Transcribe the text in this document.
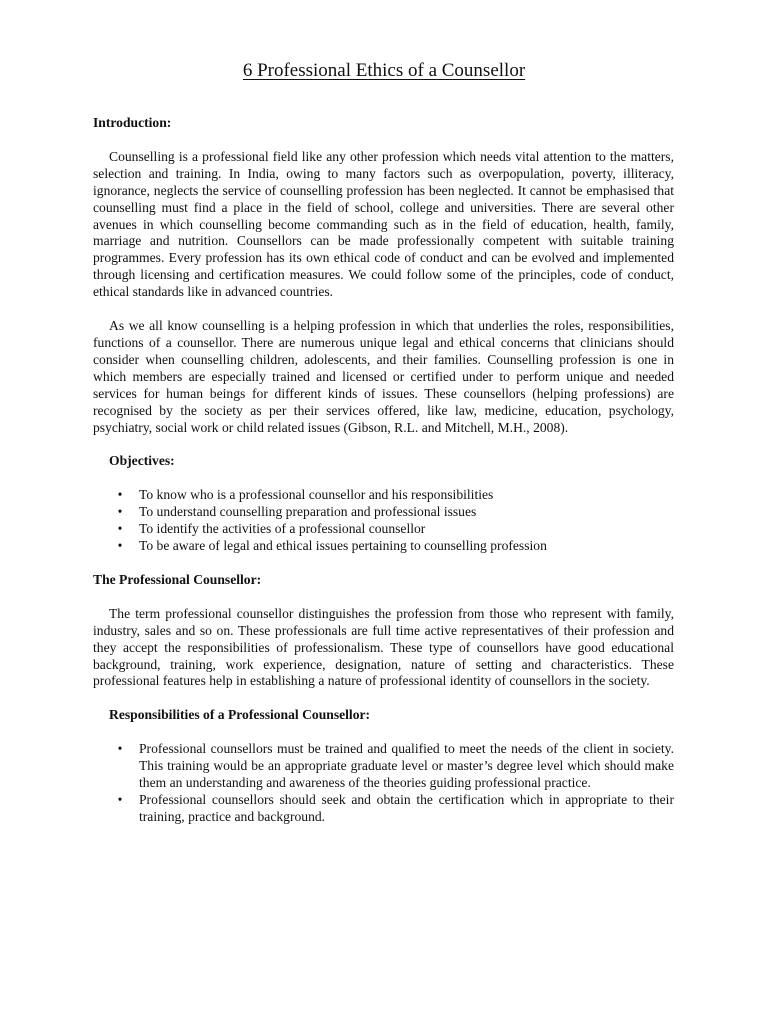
6 Professional Ethics of a Counsellor

Introduction:

Counselling is a professional field like any other profession which needs vital attention to the matters, selection and training. In India, owing to many factors such as overpopulation, poverty, illiteracy, ignorance, neglects the service of counselling profession has been neglected. It cannot be emphasised that counselling must find a place in the field of school, college and universities. There are several other avenues in which counselling become commanding such as in the field of education, health, family, marriage and nutrition. Counsellors can be made professionally competent with suitable training programmes. Every profession has its own ethical code of conduct and can be evolved and implemented through licensing and certification measures. We could follow some of the principles, code of conduct, ethical standards like in advanced countries.

As we all know counselling is a helping profession in which that underlies the roles, responsibilities, functions of a counsellor. There are numerous unique legal and ethical concerns that clinicians should consider when counselling children, adolescents, and their families. Counselling profession is one in which members are especially trained and licensed or certified under to perform unique and needed services for human beings for different kinds of issues. These counsellors (helping professions) are recognised by the society as per their services offered, like law, medicine, education, psychology, psychiatry, social work or child related issues (Gibson, R.L. and Mitchell, M.H., 2008).

Objectives:

• To know who is a professional counsellor and his responsibilities
• To understand counselling preparation and professional issues
• To identify the activities of a professional counsellor
• To be aware of legal and ethical issues pertaining to counselling profession

The Professional Counsellor:

The term professional counsellor distinguishes the profession from those who represent with family, industry, sales and so on. These professionals are full time active representatives of their profession and they accept the responsibilities of professionalism. These type of counsellors have good educational background, training, work experience, designation, nature of setting and characteristics. These professional features help in establishing a nature of professional identity of counsellors in the society.

Responsibilities of a Professional Counsellor:

• Professional counsellors must be trained and qualified to meet the needs of the client in society. This training would be an appropriate graduate level or master’s degree level which should make them an understanding and awareness of the theories guiding professional practice.
• Professional counsellors should seek and obtain the certification which in appropriate to their training, practice and background.
